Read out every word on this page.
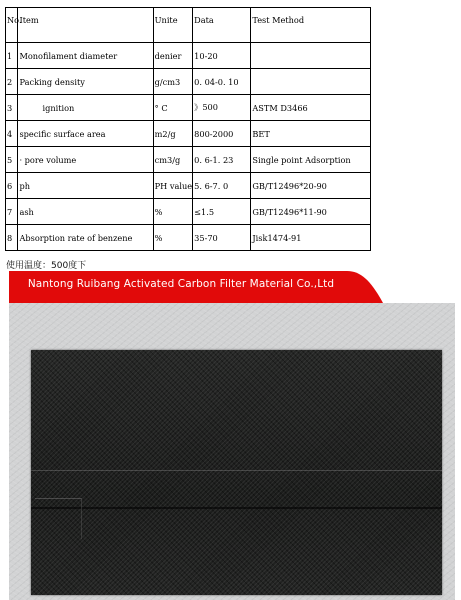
No.	Item	Unite	Data	Test Method
1	Monofilament diameter	denier	10-20	
2	Packing density	g/cm3	0. 04-0. 10	
3	ignition	° C	》500	ASTM D3466
4	specific surface area	m2/g	800-2000	BET
5	· pore volume	cm3/g	0. 6-1. 23	Single point Adsorption
6	ph	PH value	5. 6-7. 0	GB/T12496*20-90
7	ash	%	≤1.5	GB/T12496*11-90
8	Absorption rate of benzene	%	35-70	Jisk1474-91
使用温度：500度下
Nantong Ruibang Activated Carbon Filter Material Co.,Ltd
